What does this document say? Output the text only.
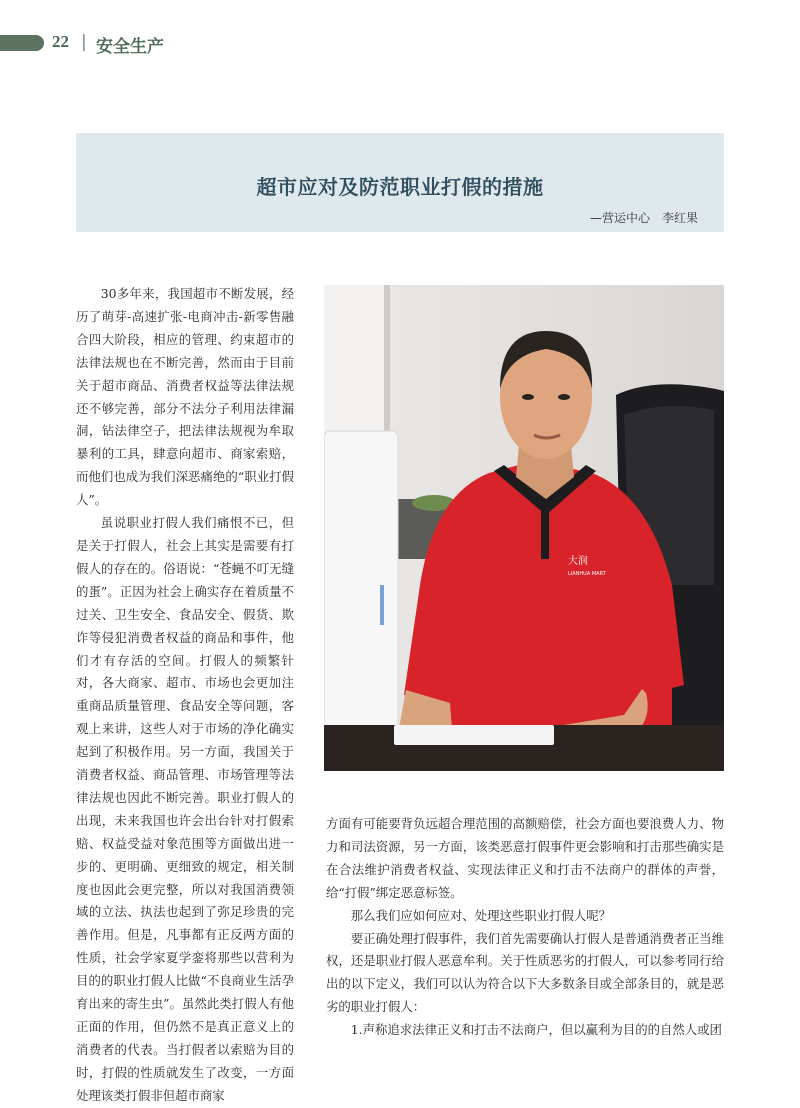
22 | 安全生产
超市应对及防范职业打假的措施
—营运中心　李红果

30多年来，我国超市不断发展，经历了萌芽-高速扩张-电商冲击-新零售融合四大阶段，相应的管理、约束超市的法律法规也在不断完善，然而由于目前关于超市商品、消费者权益等法律法规还不够完善，部分不法分子利用法律漏洞，钻法律空子，把法律法规视为牟取暴利的工具，肆意向超市、商家索赔，而他们也成为我们深恶痛绝的“职业打假人”。

虽说职业打假人我们痛恨不已，但是关于打假人，社会上其实是需要有打假人的存在的。俗语说：“苍蝇不叮无缝的蛋”。正因为社会上确实存在着质量不过关、卫生安全、食品安全、假货、欺诈等侵犯消费者权益的商品和事件，他们才有存活的空间。打假人的频繁针对，各大商家、超市、市场也会更加注重商品质量管理、食品安全等问题，客观上来讲，这些人对于市场的净化确实起到了积极作用。另一方面，我国关于消费者权益、商品管理、市场管理等法律法规也因此不断完善。职业打假人的出现，未来我国也许会出台针对打假索赔、权益受益对象范围等方面做出进一步的、更明确、更细致的规定，相关制度也因此会更完整，所以对我国消费领域的立法、执法也起到了弥足珍贵的完善作用。但是，凡事都有正反两方面的性质，社会学家夏学銮将那些以营利为目的的职业打假人比做“不良商业生活孕育出来的寄生虫”。虽然此类打假人有他正面的作用，但仍然不是真正意义上的消费者的代表。当打假者以索赔为目的时，打假的性质就发生了改变，一方面处理该类打假非但超市商家

大润
LIANHUA MART

方面有可能要背负远超合理范围的高额赔偿，社会方面也要浪费人力、物力和司法资源，另一方面，该类恶意打假事件更会影响和打击那些确实是在合法维护消费者权益、实现法律正义和打击不法商户的群体的声誉，给“打假”绑定恶意标签。

那么我们应如何应对、处理这些职业打假人呢？

要正确处理打假事件，我们首先需要确认打假人是普通消费者正当维权，还是职业打假人恶意牟利。关于性质恶劣的打假人，可以参考同行给出的以下定义，我们可以认为符合以下大多数条目或全部条目的，就是恶劣的职业打假人：

1.声称追求法律正义和打击不法商户，但以赢利为目的的自然人或团
